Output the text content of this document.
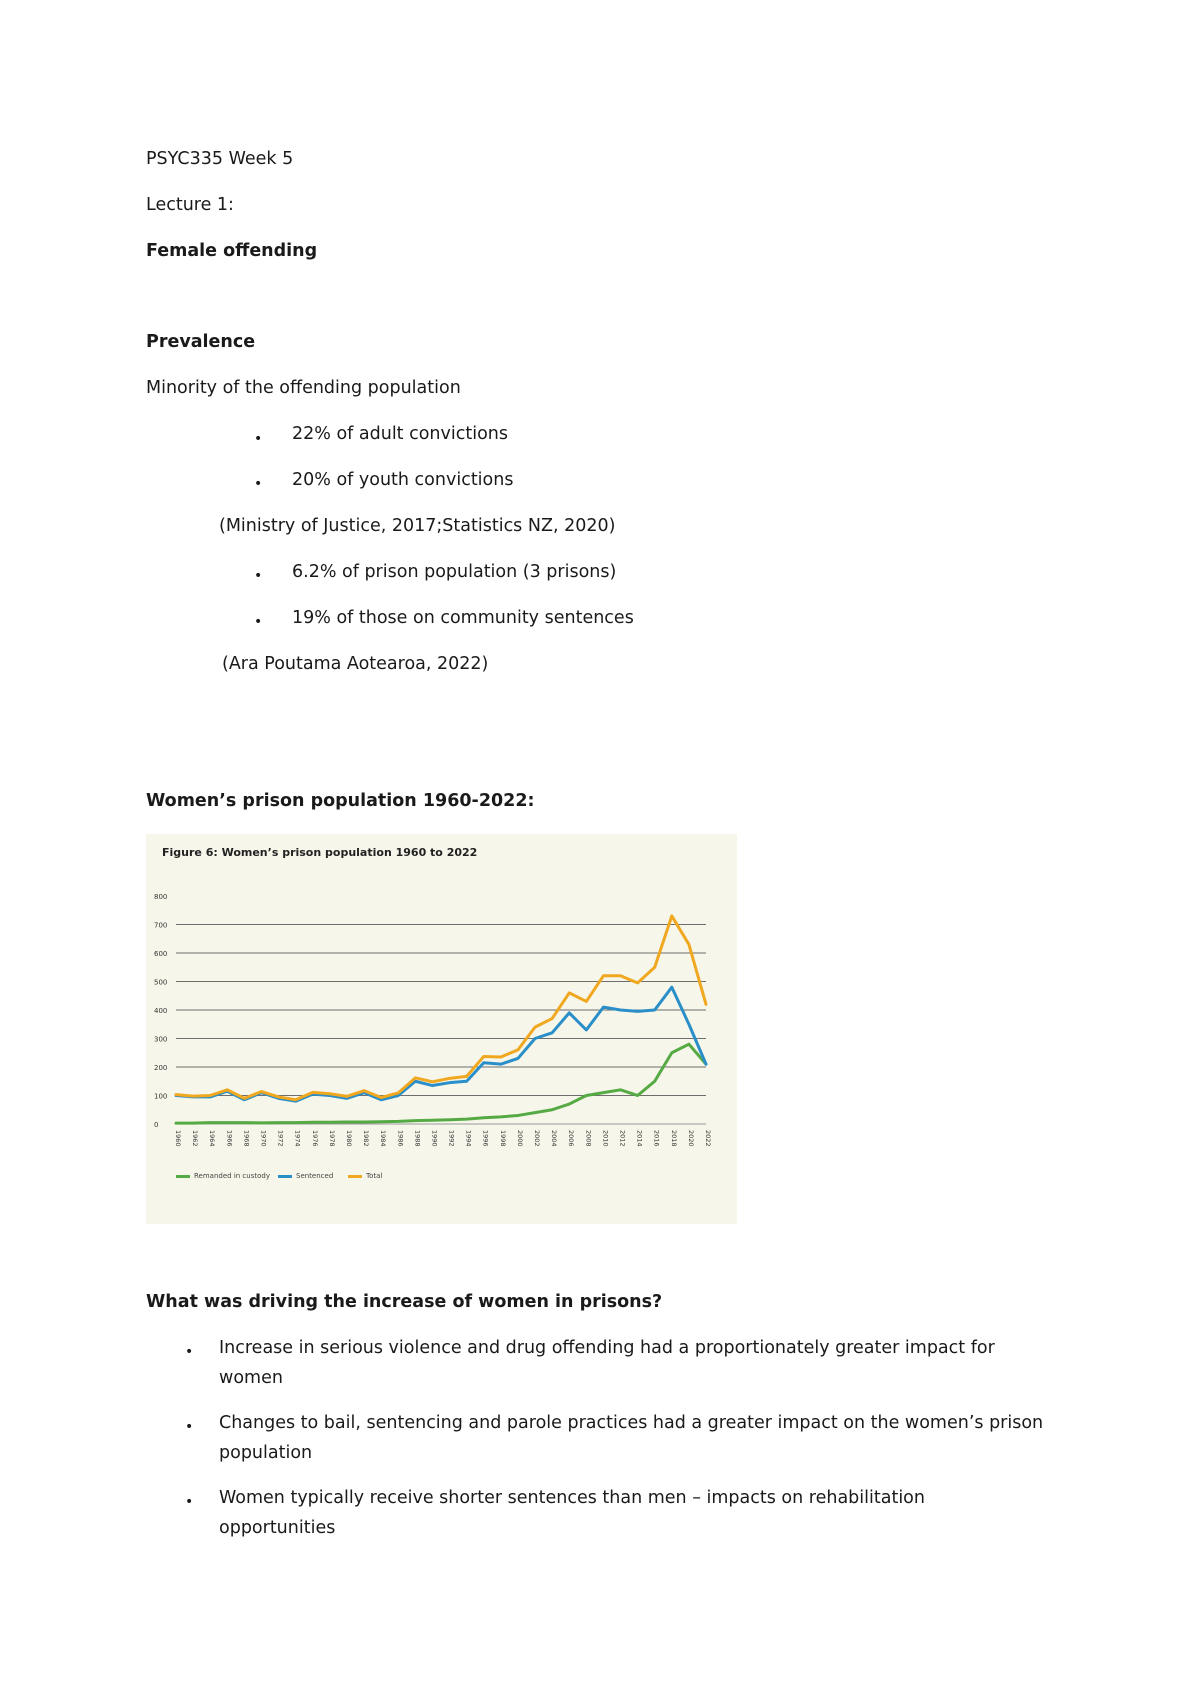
PSYC335 Week 5
Lecture 1:
Female offending
Prevalence
Minority of the offending population
• 22% of adult convictions
• 20% of youth convictions
(Ministry of Justice, 2017;Statistics NZ, 2020)
• 6.2% of prison population (3 prisons)
• 19% of those on community sentences
(Ara Poutama Aotearoa, 2022)
Women’s prison population 1960-2022:
0
100
200
300
400
500
600
700
800
1960 1962 1964 1966 1968 1970 1972 1974 1976 1978 1980 1982 1984 1986 1988 1990 1992 1994 1996 1998 2000 2002 2004 2006 2008 2010 2012 2014 2016 2018 2020 2022
Figure 6: Women’s prison population 1960 to 2022
Remanded in custody	Sentenced	Total
What was driving the increase of women in prisons?
• Increase in serious violence and drug offending had a proportionately greater impact for women
• Changes to bail, sentencing and parole practices had a greater impact on the women’s prison population
• Women typically receive shorter sentences than men – impacts on rehabilitation opportunities
